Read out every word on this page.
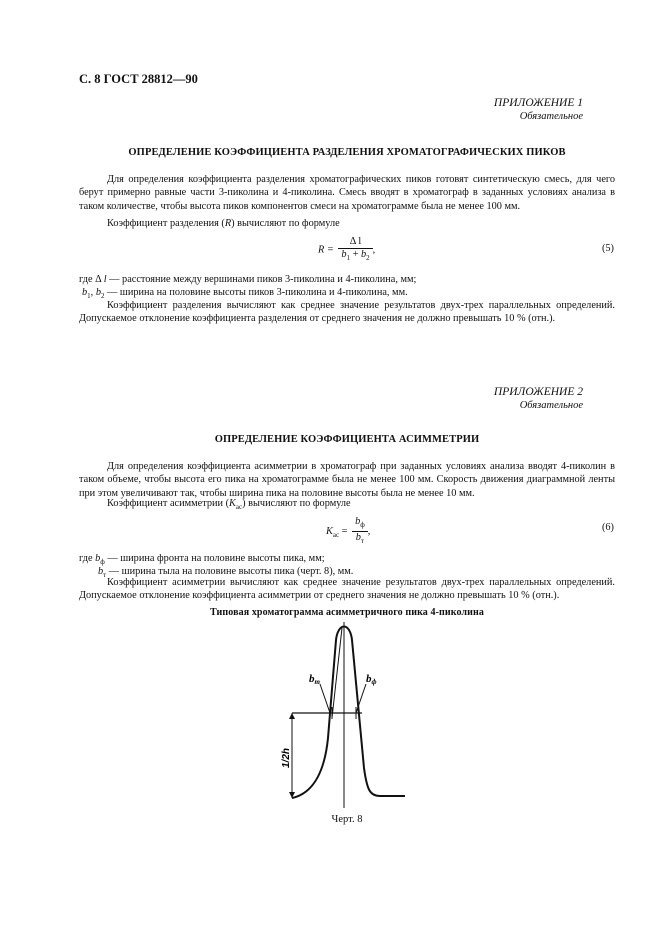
С. 8 ГОСТ 28812—90
ПРИЛОЖЕНИЕ 1
Обязательное
ОПРЕДЕЛЕНИЕ КОЭФФИЦИЕНТА РАЗДЕЛЕНИЯ ХРОМАТОГРАФИЧЕСКИХ ПИКОВ
Для определения коэффициента разделения хроматографических пиков готовят синтетическую смесь, для чего берут примерно равные части 3-пиколина и 4-пиколина. Смесь вводят в хроматограф в заданных условиях анализа в таком количестве, чтобы высота пиков компонентов смеси на хроматограмме была не менее 100 мм.
Коэффициент разделения (R) вычисляют по формуле
$R = \frac{\text{Δ l}}{b_1 + b_2}$ ,	(5)
где Δ l — расстояние между вершинами пиков 3-пиколина и 4-пиколина, мм;
$b_1$, $b_2$ — ширина на половине высоты пиков 3-пиколина и 4-пиколина, мм.
Коэффициент разделения вычисляют как среднее значение результатов двух-трех параллельных определений. Допускаемое отклонение коэффициента разделения от среднего значения не должно превышать 10 % (отн.).
ПРИЛОЖЕНИЕ 2
Обязательное
ОПРЕДЕЛЕНИЕ КОЭФФИЦИЕНТА АСИММЕТРИИ
Для определения коэффициента асимметрии в хроматограф при заданных условиях анализа вводят 4-пиколин в таком объеме, чтобы высота его пика на хроматограмме была не менее 100 мм. Скорость движения диаграммной ленты при этом увеличивают так, чтобы ширина пика на половине высоты была не менее 10 мм.
Коэффициент асимметрии $(K_{ас})$ вычисляют по формуле
$K_{ас} = \frac{b_ф}{b_т}$ ,	(6)
где $b_ф$ — ширина фронта на половине высоты пика, мм;
$b_т$ — ширина тыла на половине высоты пика (черт. 8), мм.
Коэффициент асимметрии вычисляют как среднее значение результатов двух-трех параллельных определений. Допускаемое отклонение коэффициента асимметрии от среднего значения не должно превышать 10 % (отн.).
Типовая хроматограмма асимметричного пика 4-пиколина
bт	bф
1/2h
Черт. 8
